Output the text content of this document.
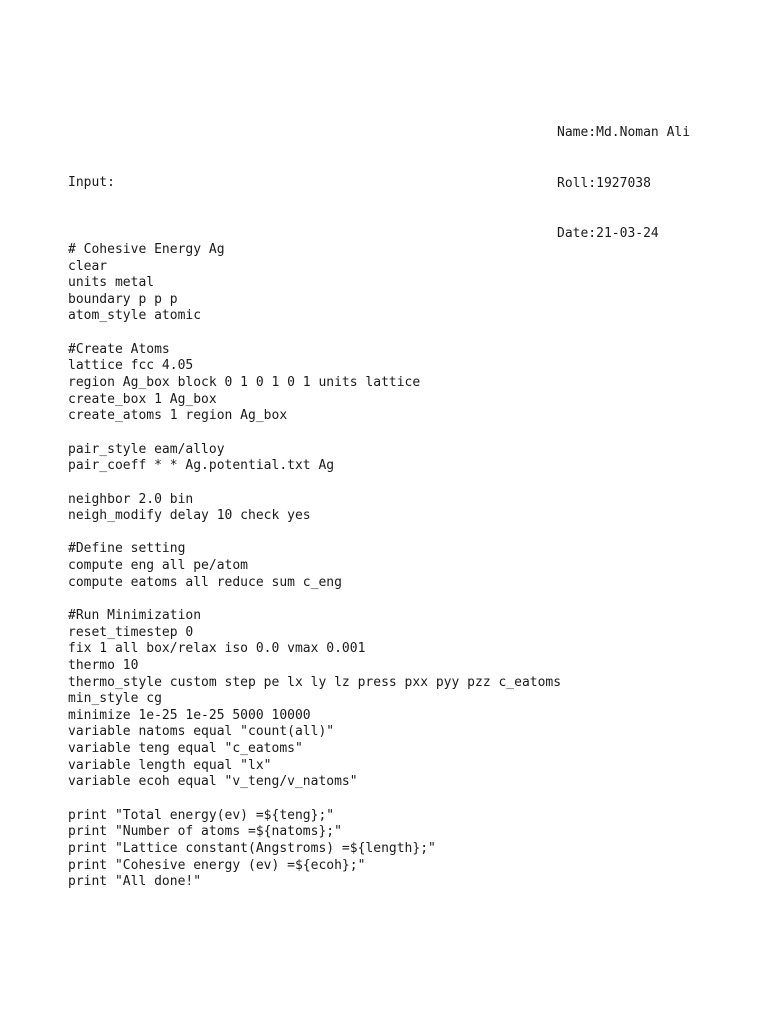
Name:Md.Noman Ali

Roll:1927038

Date:21-03-24

Input:

# Cohesive Energy Ag
clear
units metal
boundary p p p
atom_style atomic

#Create Atoms
lattice fcc 4.05
region Ag_box block 0 1 0 1 0 1 units lattice
create_box 1 Ag_box
create_atoms 1 region Ag_box

pair_style eam/alloy
pair_coeff * * Ag.potential.txt Ag

neighbor 2.0 bin
neigh_modify delay 10 check yes

#Define setting
compute eng all pe/atom
compute eatoms all reduce sum c_eng

#Run Minimization
reset_timestep 0
fix 1 all box/relax iso 0.0 vmax 0.001
thermo 10
thermo_style custom step pe lx ly lz press pxx pyy pzz c_eatoms
min_style cg
minimize 1e-25 1e-25 5000 10000
variable natoms equal "count(all)"
variable teng equal "c_eatoms"
variable length equal "lx"
variable ecoh equal "v_teng/v_natoms"

print "Total energy(ev) =${teng};"
print "Number of atoms =${natoms};"
print "Lattice constant(Angstroms) =${length};"
print "Cohesive energy (ev) =${ecoh};"
print "All done!"
